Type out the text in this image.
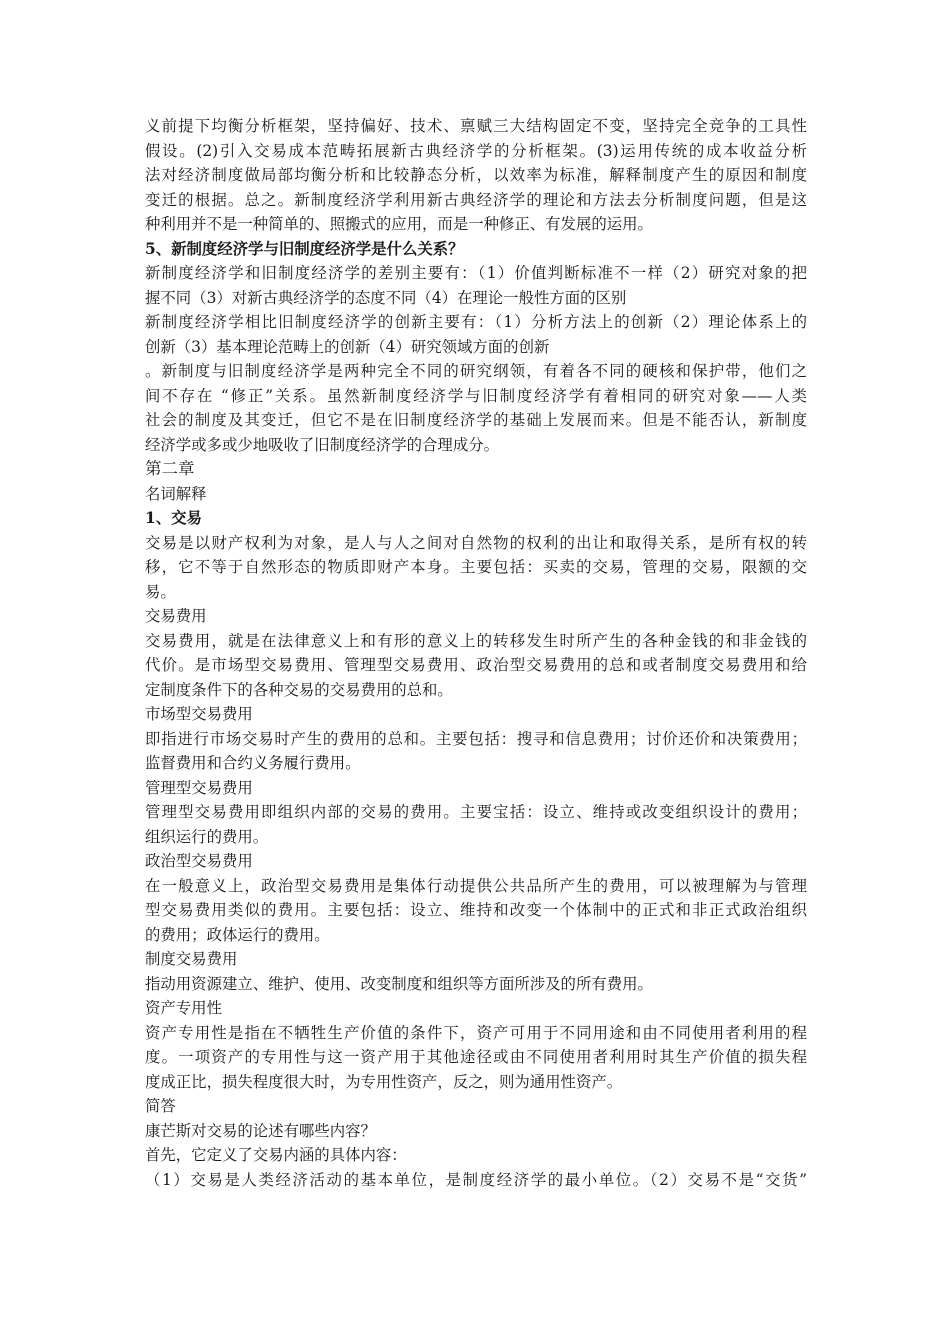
义前提下均衡分析框架，坚持偏好、技术、禀赋三大结构固定不变，坚持完全竞争的工具性
假设。(2)引入交易成本范畴拓展新古典经济学的分析框架。(3)运用传统的成本收益分析
法对经济制度做局部均衡分析和比较静态分析，以效率为标准，解释制度产生的原因和制度
变迁的根据。总之。新制度经济学利用新古典经济学的理论和方法去分析制度问题，但是这
种利用并不是一种简单的、照搬式的应用，而是一种修正、有发展的运用。
5、新制度经济学与旧制度经济学是什么关系？
新制度经济学和旧制度经济学的差别主要有：（1）价值判断标准不一样（2）研究对象的把
握不同（3）对新古典经济学的态度不同（4）在理论一般性方面的区别
新制度经济学相比旧制度经济学的创新主要有：（1）分析方法上的创新（2）理论体系上的
创新（3）基本理论范畴上的创新（4）研究领域方面的创新
。新制度与旧制度经济学是两种完全不同的研究纲领，有着各不同的硬核和保护带，他们之
间不存在 “修正”关系。虽然新制度经济学与旧制度经济学有着相同的研究对象——人类
社会的制度及其变迁，但它不是在旧制度经济学的基础上发展而来。但是不能否认，新制度
经济学或多或少地吸收了旧制度经济学的合理成分。
第二章
名词解释
1、交易
交易是以财产权利为对象，是人与人之间对自然物的权利的出让和取得关系，是所有权的转
移，它不等于自然形态的物质即财产本身。主要包括：买卖的交易，管理的交易，限额的交
易。
交易费用
交易费用，就是在法律意义上和有形的意义上的转移发生时所产生的各种金钱的和非金钱的
代价。是市场型交易费用、管理型交易费用、政治型交易费用的总和或者制度交易费用和给
定制度条件下的各种交易的交易费用的总和。
市场型交易费用
即指进行市场交易时产生的费用的总和。主要包括：搜寻和信息费用；讨价还价和决策费用；
监督费用和合约义务履行费用。
管理型交易费用
管理型交易费用即组织内部的交易的费用。主要宝括：设立、维持或改变组织设计的费用；
组织运行的费用。
政治型交易费用
在一般意义上，政治型交易费用是集体行动提供公共品所产生的费用，可以被理解为与管理
型交易费用类似的费用。主要包括：设立、维持和改变一个体制中的正式和非正式政治组织
的费用；政体运行的费用。
制度交易费用
指动用资源建立、维护、使用、改变制度和组织等方面所涉及的所有费用。
资产专用性
资产专用性是指在不牺牲生产价值的条件下，资产可用于不同用途和由不同使用者利用的程
度。一项资产的专用性与这一资产用于其他途径或由不同使用者利用时其生产价值的损失程
度成正比，损失程度很大时，为专用性资产，反之，则为通用性资产。
简答
康芒斯对交易的论述有哪些内容？
首先，它定义了交易内涵的具体内容：
（1）交易是人类经济活动的基本单位，是制度经济学的最小单位。（2）交易不是“交货”
